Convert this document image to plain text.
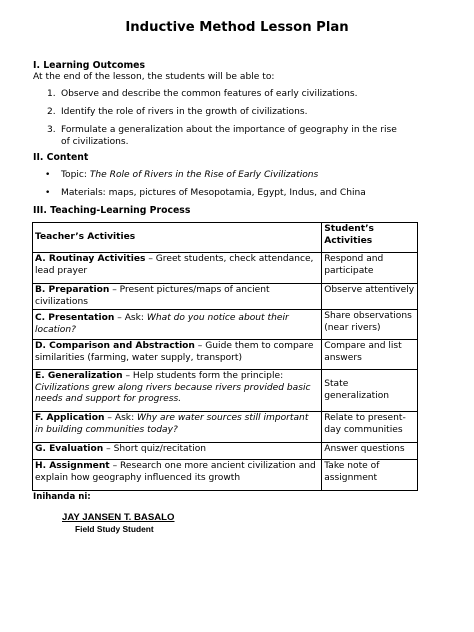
Inductive Method Lesson Plan
I. Learning Outcomes
At the end of the lesson, the students will be able to:
1. Observe and describe the common features of early civilizations.
2. Identify the role of rivers in the growth of civilizations.
3. Formulate a generalization about the importance of geography in the rise of civilizations.
II. Content
•	Topic: The Role of Rivers in the Rise of Early Civilizations
•	Materials: maps, pictures of Mesopotamia, Egypt, Indus, and China
III. Teaching-Learning Process
Teacher’s Activities	Student’s Activities
A. Routinay Activities – Greet students, check attendance, lead prayer	Respond and participate
B. Preparation – Present pictures/maps of ancient civilizations	Observe attentively
C. Presentation – Ask: What do you notice about their location?	Share observations (near rivers)
D. Comparison and Abstraction – Guide them to compare similarities (farming, water supply, transport)	Compare and list answers
E. Generalization – Help students form the principle: Civilizations grew along rivers because rivers provided basic needs and support for progress.	State generalization
F. Application – Ask: Why are water sources still important in building communities today?	Relate to present-day communities
G. Evaluation – Short quiz/recitation	Answer questions
H. Assignment – Research one more ancient civilization and explain how geography influenced its growth	Take note of assignment
Inihanda ni:
JAY JANSEN T. BASALO
Field Study Student
